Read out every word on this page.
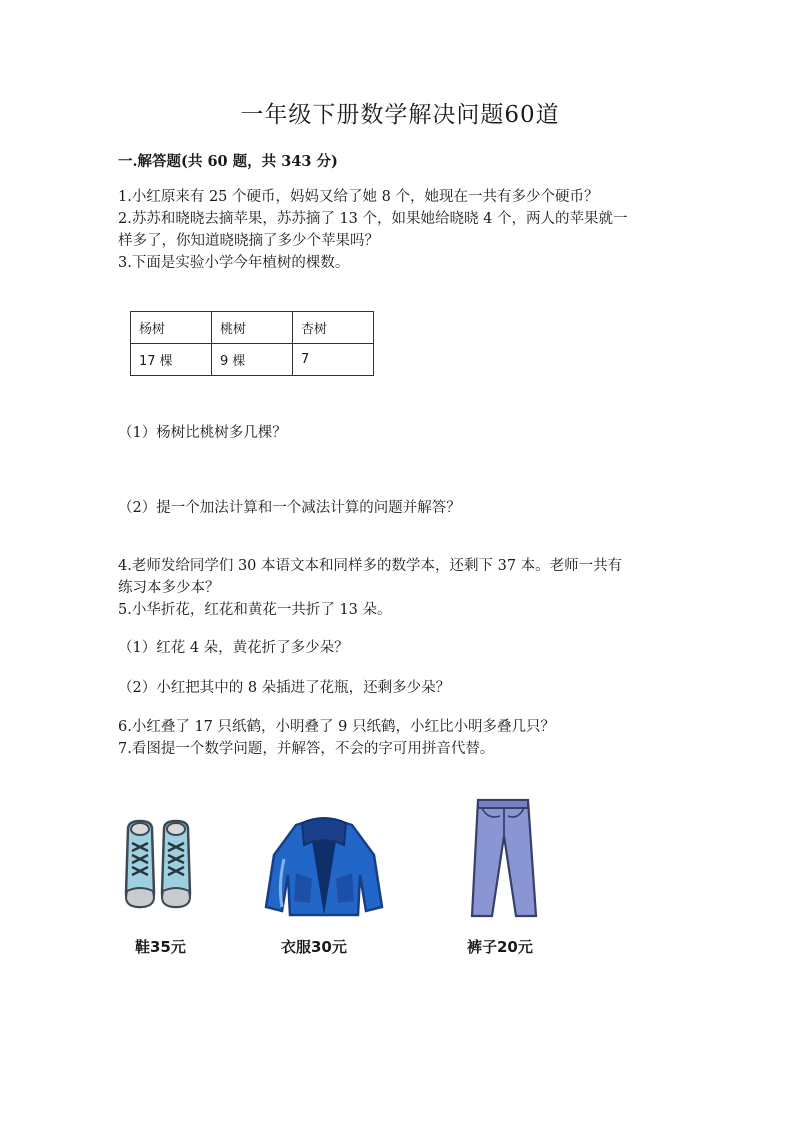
一年级下册数学解决问题60道
一.解答题(共 60 题，共 343 分)
1.小红原来有 25 个硬币，妈妈又给了她 8 个，她现在一共有多少个硬币？
2.苏苏和晓晓去摘苹果，苏苏摘了 13 个，如果她给晓晓 4 个，两人的苹果就一
样多了，你知道晓晓摘了多少个苹果吗？
3.下面是实验小学今年植树的棵数。
杨树	桃树	杏树
17 棵	9 棵	7
（1）杨树比桃树多几棵？
（2）提一个加法计算和一个减法计算的问题并解答？
4.老师发给同学们 30 本语文本和同样多的数学本，还剩下 37 本。老师一共有
练习本多少本？
5.小华折花，红花和黄花一共折了 13 朵。
（1）红花 4 朵，黄花折了多少朵？
（2）小红把其中的 8 朵插进了花瓶，还剩多少朵？
6.小红叠了 17 只纸鹤，小明叠了 9 只纸鹤，小红比小明多叠几只？
7.看图提一个数学问题，并解答，不会的字可用拼音代替。
鞋35元	衣服30元	裤子20元
